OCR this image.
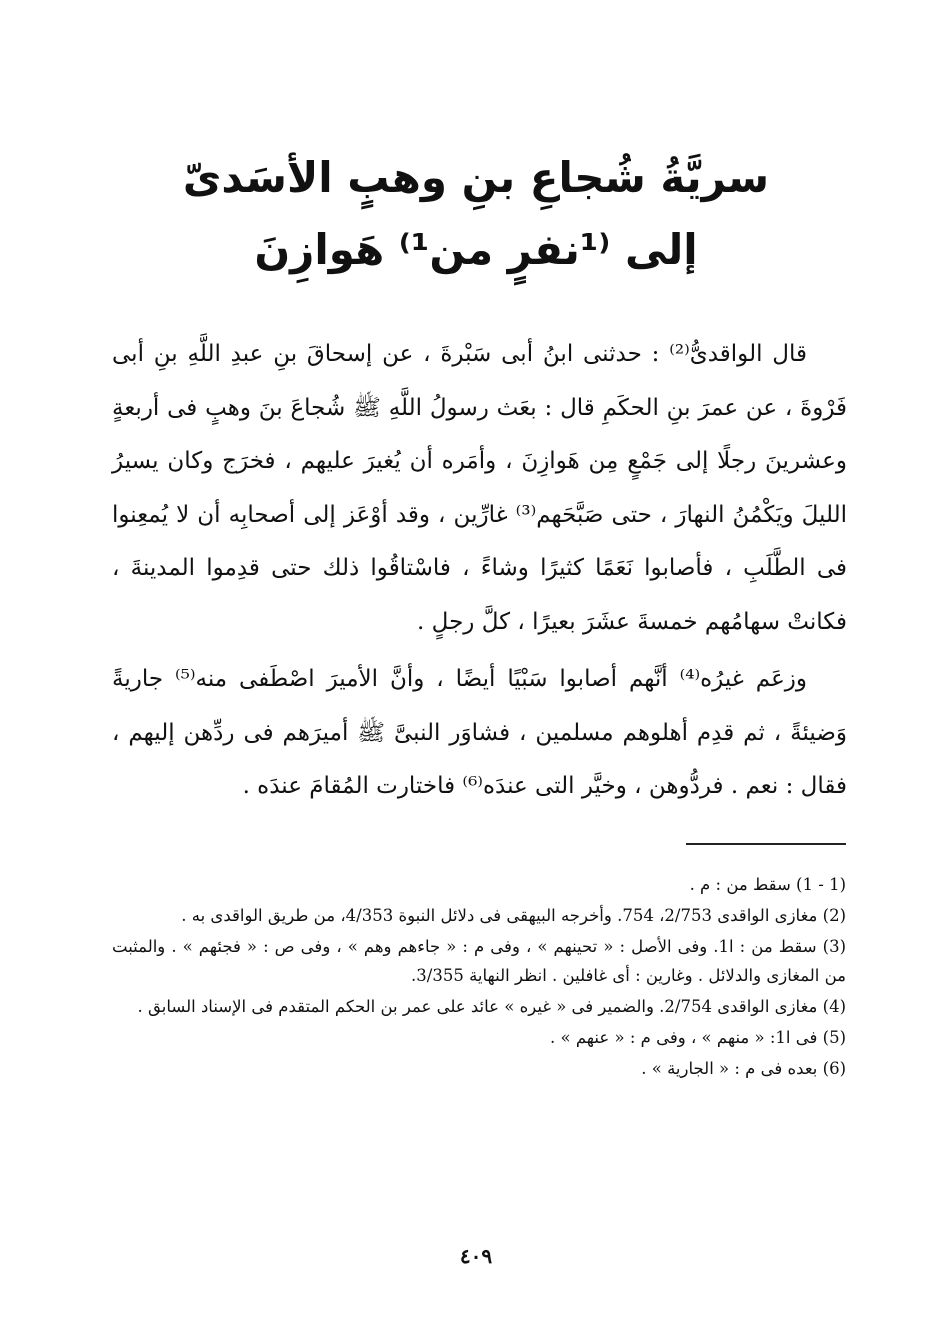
سريَّةُ شُجاعِ بنِ وهبٍ الأسَدىّ
إلى ⁽¹نفرٍ من¹⁾ هَوازِنَ

قال الواقدىُّ⁽²⁾ : حدثنى ابنُ أبى سَبْرةَ ، عن إسحاقَ بنِ عبدِ اللَّهِ بنِ أبى فَرْوةَ ، عن عمرَ بنِ الحكَمِ قال : بعَث رسولُ اللَّهِ ﷺ شُجاعَ بنَ وهبٍ فى أربعةٍ وعشرينَ رجلًا إلى جَمْعٍ مِن هَوازِنَ ، وأمَره أن يُغيرَ عليهم ، فخرَج وكان يسيرُ الليلَ ويَكْمُنُ النهارَ ، حتى صَبَّحَهم⁽³⁾ غارِّين ، وقد أوْعَز إلى أصحابِه أن لا يُمعِنوا فى الطَّلَبِ ، فأصابوا نَعَمًا كثيرًا وشاءً ، فاسْتاقُوا ذلك حتى قدِموا المدينةَ ، فكانتْ سهامُهم خمسةَ عشَرَ بعيرًا ، كلَّ رجلٍ .

وزعَم غيرُه⁽⁴⁾ أنَّهم أصابوا سَبْيًا أيضًا ، وأنَّ الأميرَ اصْطَفى منه⁽⁵⁾ جاريةً وَضيئةً ، ثم قدِم أهلوهم مسلمين ، فشاوَر النبىَّ ﷺ أميرَهم فى ردِّهن إليهم ، فقال : نعم . فردُّوهن ، وخيَّر التى عندَه⁽⁶⁾ فاختارت المُقامَ عندَه .

(1 - 1) سقط من : م .

(2) مغازى الواقدى 2/753، 754. وأخرجه البيهقى فى دلائل النبوة 4/353، من طريق الواقدى به .

(3) سقط من : ا1. وفى الأصل : « تحينهم » ، وفى م : « جاءهم وهم » ، وفى ص : « فجئهم » . والمثبت من المغازى والدلائل . وغارين : أى غافلين . انظر النهاية 3/355.

(4) مغازى الواقدى 2/754. والضمير فى « غيره » عائد على عمر بن الحكم المتقدم فى الإسناد السابق .

(5) فى ا1: « منهم » ، وفى م : « عنهم » .

(6) بعده فى م : « الجارية » .

٤٠٩
